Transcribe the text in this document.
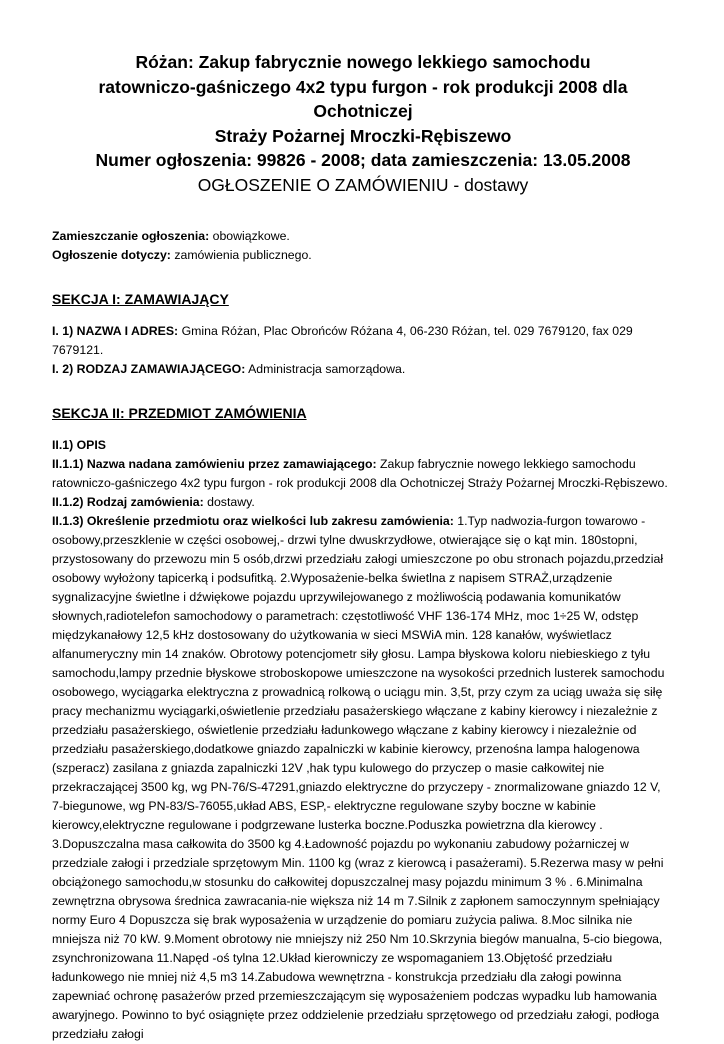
Różan: Zakup fabrycznie nowego lekkiego samochodu

ratowniczo-gaśniczego 4x2 typu furgon - rok produkcji 2008 dla Ochotniczej

Straży Pożarnej Mroczki-Rębiszewo

Numer ogłoszenia: 99826 - 2008; data zamieszczenia: 13.05.2008

OGŁOSZENIE O ZAMÓWIENIU - dostawy

Zamieszczanie ogłoszenia: obowiązkowe.

Ogłoszenie dotyczy: zamówienia publicznego.

SEKCJA I: ZAMAWIAJĄCY

I. 1) NAZWA I ADRES: Gmina Różan, Plac Obrońców Różana 4, 06-230 Różan, tel. 029 7679120, fax 029 7679121.

I. 2) RODZAJ ZAMAWIAJĄCEGO: Administracja samorządowa.

SEKCJA II: PRZEDMIOT ZAMÓWIENIA

II.1) OPIS

II.1.1) Nazwa nadana zamówieniu przez zamawiającego: Zakup fabrycznie nowego lekkiego samochodu ratowniczo-gaśniczego 4x2 typu furgon - rok produkcji 2008 dla Ochotniczej Straży Pożarnej Mroczki-Rębiszewo.

II.1.2) Rodzaj zamówienia: dostawy.

II.1.3) Określenie przedmiotu oraz wielkości lub zakresu zamówienia: 1.Typ nadwozia-furgon towarowo -osobowy,przeszklenie w części osobowej,- drzwi tylne dwuskrzydłowe, otwierające się o kąt min. 180stopni, przystosowany do przewozu min 5 osób,drzwi przedziału załogi umieszczone po obu stronach pojazdu,przedział osobowy wyłożony tapicerką i podsufitką. 2.Wyposażenie-belka świetlna z napisem STRAŻ,urządzenie sygnalizacyjne świetlne i dźwiękowe pojazdu uprzywilejowanego z możliwością podawania komunikatów słownych,radiotelefon samochodowy o parametrach: częstotliwość VHF 136-174 MHz, moc 1÷25 W, odstęp międzykanałowy 12,5 kHz dostosowany do użytkowania w sieci MSWiA min. 128 kanałów, wyświetlacz alfanumeryczny min 14 znaków. Obrotowy potencjometr siły głosu. Lampa błyskowa koloru niebieskiego z tyłu samochodu,lampy przednie błyskowe stroboskopowe umieszczone na wysokości przednich lusterek samochodu osobowego, wyciągarka elektryczna z prowadnicą rolkową o uciągu min. 3,5t, przy czym za uciąg uważa się siłę pracy mechanizmu wyciągarki,oświetlenie przedziału pasażerskiego włączane z kabiny kierowcy i niezależnie z przedziału pasażerskiego, oświetlenie przedziału ładunkowego włączane z kabiny kierowcy i niezależnie od przedziału pasażerskiego,dodatkowe gniazdo zapalniczki w kabinie kierowcy, przenośna lampa halogenowa (szperacz) zasilana z gniazda zapalniczki 12V ,hak typu kulowego do przyczep o masie całkowitej nie przekraczającej 3500 kg, wg PN-76/S-47291,gniazdo elektryczne do przyczepy - znormalizowane gniazdo 12 V, 7-biegunowe, wg PN-83/S-76055,układ ABS, ESP,- elektryczne regulowane szyby boczne w kabinie kierowcy,elektryczne regulowane i podgrzewane lusterka boczne.Poduszka powietrzna dla kierowcy . 3.Dopuszczalna masa całkowita do 3500 kg 4.Ładowność pojazdu po wykonaniu zabudowy pożarniczej w przedziale załogi i przedziale sprzętowym Min. 1100 kg (wraz z kierowcą i pasażerami). 5.Rezerwa masy w pełni obciążonego samochodu,w stosunku do całkowitej dopuszczalnej masy pojazdu minimum 3 % . 6.Minimalna zewnętrzna obrysowa średnica zawracania-nie większa niż 14 m 7.Silnik z zapłonem samoczynnym spełniający normy Euro 4 Dopuszcza się brak wyposażenia w urządzenie do pomiaru zużycia paliwa. 8.Moc silnika nie mniejsza niż 70 kW. 9.Moment obrotowy nie mniejszy niż 250 Nm 10.Skrzynia biegów manualna, 5-cio biegowa, zsynchronizowana 11.Napęd -oś tylna 12.Układ kierowniczy ze wspomaganiem 13.Objętość przedziału ładunkowego nie mniej niż 4,5 m3 14.Zabudowa wewnętrzna - konstrukcja przedziału dla załogi powinna zapewniać ochronę pasażerów przed przemieszczającym się wyposażeniem podczas wypadku lub hamowania awaryjnego. Powinno to być osiągnięte przez oddzielenie przedziału sprzętowego od przedziału załogi, podłoga przedziału załogi
